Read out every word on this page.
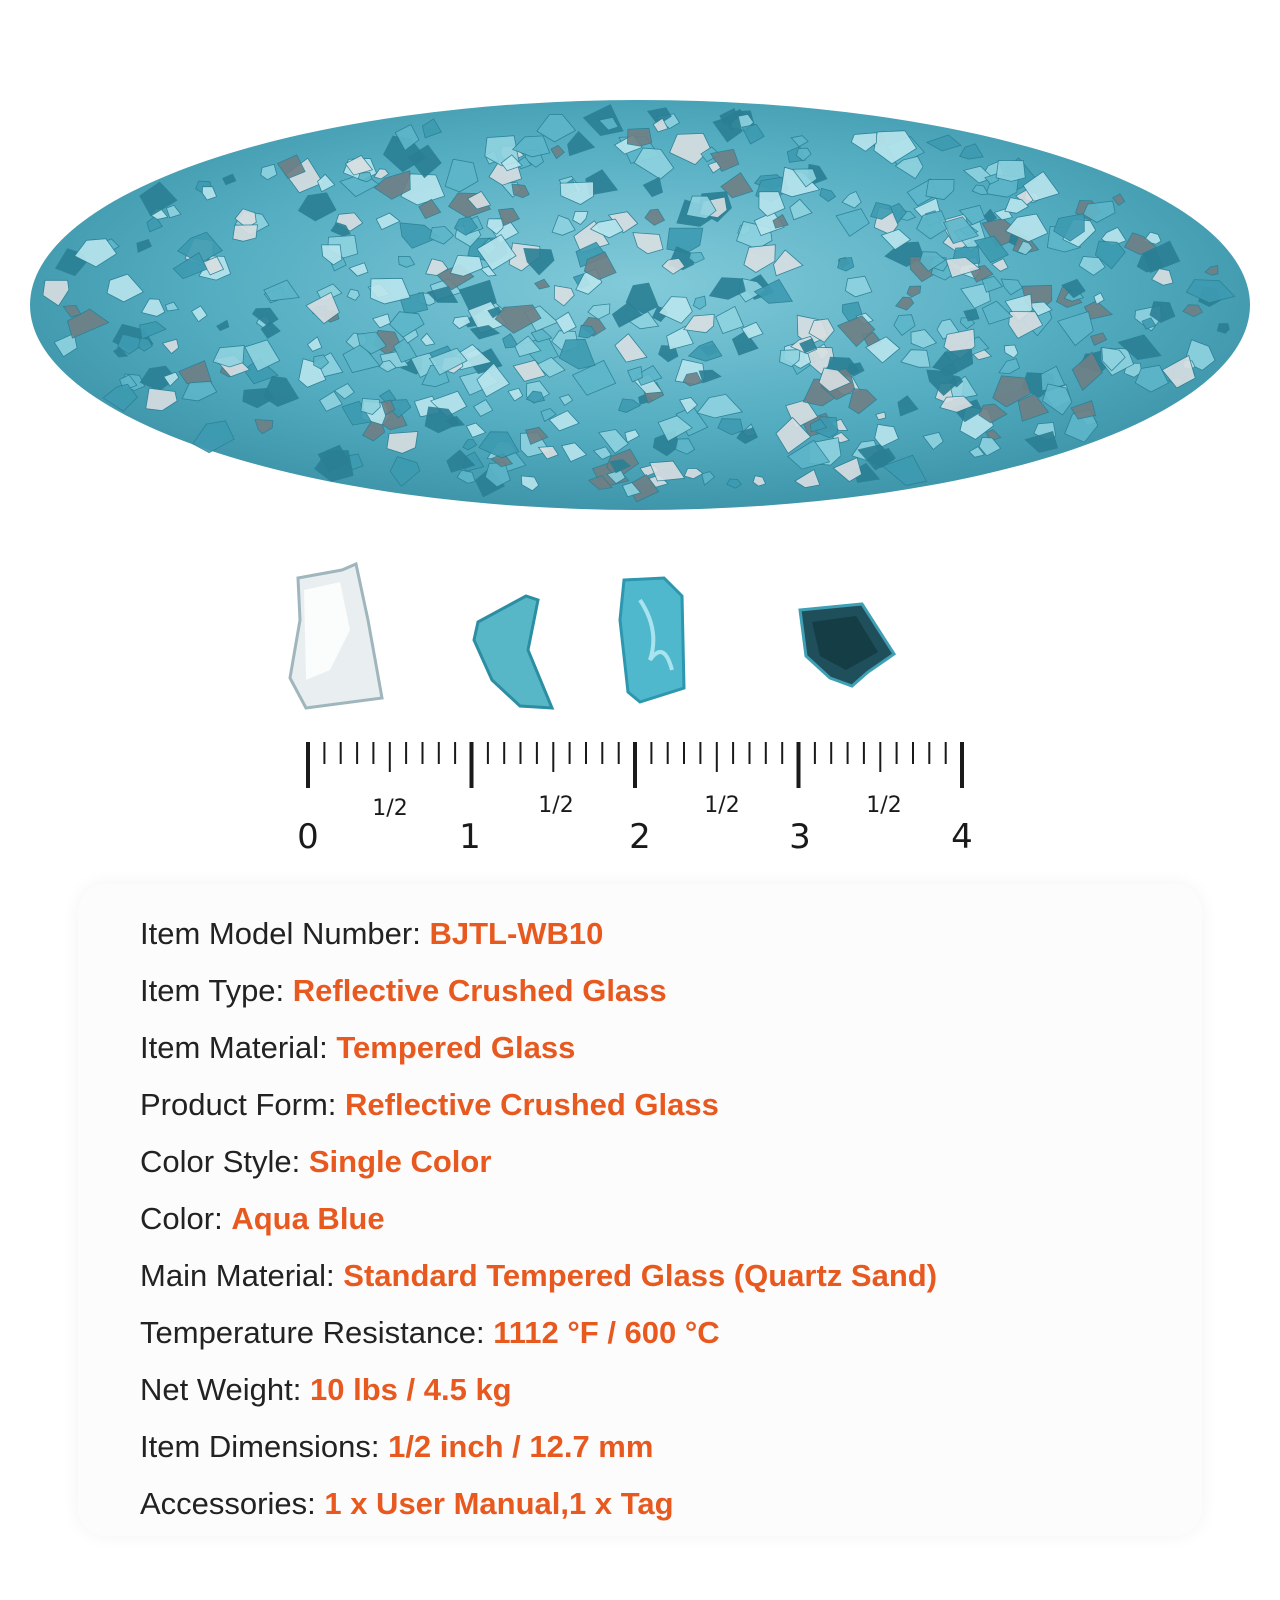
0	1	2	3	4
1/2	1/2	1/2	1/2
Item Model Number: BJTL-WB10
Item Type: Reflective Crushed Glass
Item Material: Tempered Glass
Product Form: Reflective Crushed Glass
Color Style: Single Color
Color: Aqua Blue
Main Material: Standard Tempered Glass (Quartz Sand)
Temperature Resistance: 1112 °F / 600 °C
Net Weight: 10 lbs / 4.5 kg
Item Dimensions: 1/2 inch / 12.7 mm
Accessories: 1 x User Manual,1 x Tag
